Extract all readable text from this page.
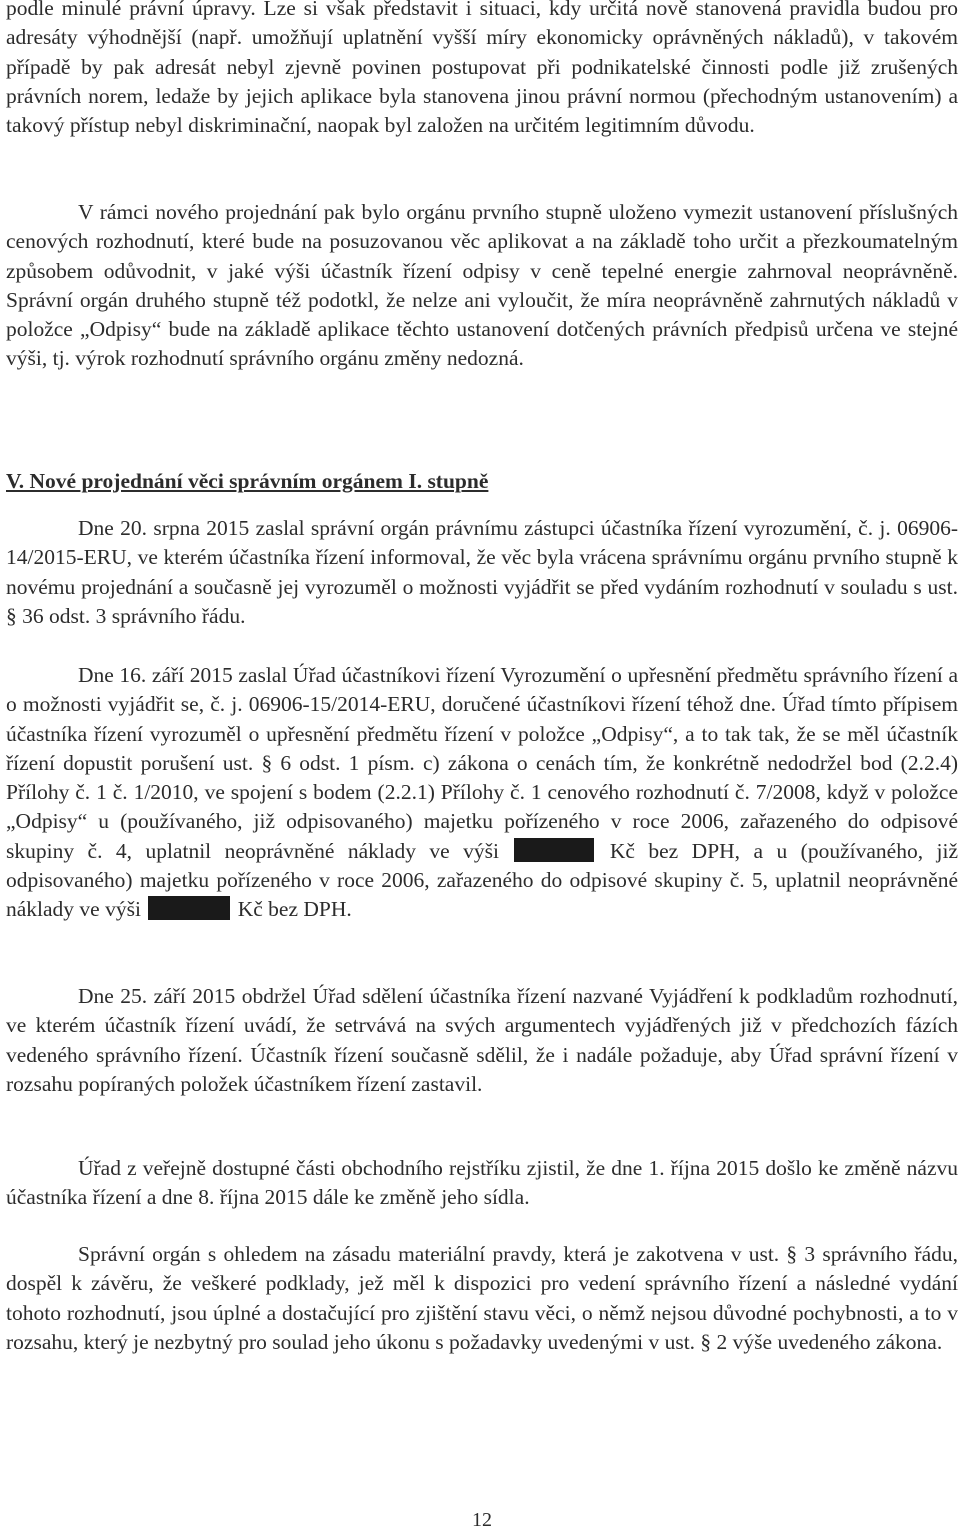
podle minulé právní úpravy. Lze si však představit i situaci, kdy určitá nově stanovená pravidla budou pro adresáty výhodnější (např. umožňují uplatnění vyšší míry ekonomicky oprávněných nákladů), v takovém případě by pak adresát nebyl zjevně povinen postupovat při podnikatelské činnosti podle již zrušených právních norem, ledaže by jejich aplikace byla stanovena jinou právní normou (přechodným ustanovením) a takový přístup nebyl diskriminační, naopak byl založen na určitém legitimním důvodu.

V rámci nového projednání pak bylo orgánu prvního stupně uloženo vymezit ustanovení příslušných cenových rozhodnutí, které bude na posuzovanou věc aplikovat a na základě toho určit a přezkoumatelným způsobem odůvodnit, v jaké výši účastník řízení odpisy v ceně tepelné energie zahrnoval neoprávněně. Správní orgán druhého stupně též podotkl, že nelze ani vyloučit, že míra neoprávněně zahrnutých nákladů v položce „Odpisy“ bude na základě aplikace těchto ustanovení dotčených právních předpisů určena ve stejné výši, tj. výrok rozhodnutí správního orgánu změny nedozná.

V. Nové projednání věci správním orgánem I. stupně

Dne 20. srpna 2015 zaslal správní orgán právnímu zástupci účastníka řízení vyrozumění, č. j. 06906-14/2015-ERU, ve kterém účastníka řízení informoval, že věc byla vrácena správnímu orgánu prvního stupně k novému projednání a současně jej vyrozuměl o možnosti vyjádřit se před vydáním rozhodnutí v souladu s ust. § 36 odst. 3 správního řádu.

Dne 16. září 2015 zaslal Úřad účastníkovi řízení Vyrozumění o upřesnění předmětu správního řízení a o možnosti vyjádřit se, č. j. 06906-15/2014-ERU, doručené účastníkovi řízení téhož dne. Úřad tímto přípisem účastníka řízení vyrozuměl o upřesnění předmětu řízení v položce „Odpisy“, a to tak tak, že se měl účastník řízení dopustit porušení ust. § 6 odst. 1 písm. c) zákona o cenách tím, že konkrétně nedodržel bod (2.2.4) Přílohy č. 1 č. 1/2010, ve spojení s bodem (2.2.1) Přílohy č. 1 cenového rozhodnutí č. 7/2008, když v položce „Odpisy“ u (používaného, již odpisovaného) majetku pořízeného v roce 2006, zařazeného do odpisové skupiny č. 4, uplatnil neoprávněné náklady ve výši	Kč bez DPH, a u (používaného, již odpisovaného) majetku pořízeného v roce 2006, zařazeného do odpisové skupiny č. 5, uplatnil neoprávněné náklady ve výši	Kč bez DPH.

Dne 25. září 2015 obdržel Úřad sdělení účastníka řízení nazvané Vyjádření k podkladům rozhodnutí, ve kterém účastník řízení uvádí, že setrvává na svých argumentech vyjádřených již v předchozích fázích vedeného správního řízení. Účastník řízení současně sdělil, že i nadále požaduje, aby Úřad správní řízení v rozsahu popíraných položek účastníkem řízení zastavil.

Úřad z veřejně dostupné části obchodního rejstříku zjistil, že dne 1. října 2015 došlo ke změně názvu účastníka řízení a dne 8. října 2015 dále ke změně jeho sídla.

Správní orgán s ohledem na zásadu materiální pravdy, která je zakotvena v ust. § 3 správního řádu, dospěl k závěru, že veškeré podklady, jež měl k dispozici pro vedení správního řízení a následné vydání tohoto rozhodnutí, jsou úplné a dostačující pro zjištění stavu věci, o němž nejsou důvodné pochybnosti, a to v rozsahu, který je nezbytný pro soulad jeho úkonu s požadavky uvedenými v ust. § 2 výše uvedeného zákona.

12
